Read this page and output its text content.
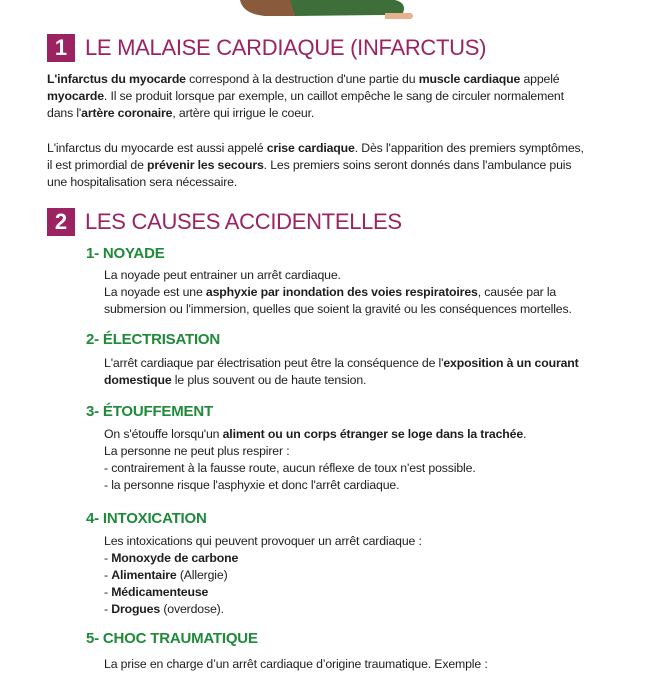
1 LE MALAISE CARDIAQUE (INFARCTUS)
L'infarctus du myocarde correspond à la destruction d'une partie du muscle cardiaque appelé
myocarde. Il se produit lorsque par exemple, un caillot empêche le sang de circuler normalement
dans l'artère coronaire, artère qui irrigue le coeur.
L'infarctus du myocarde est aussi appelé crise cardiaque. Dès l'apparition des premiers symptômes,
il est primordial de prévenir les secours. Les premiers soins seront donnés dans l'ambulance puis
une hospitalisation sera nécessaire.
2 LES CAUSES ACCIDENTELLES
1- NOYADE
La noyade peut entrainer un arrêt cardiaque.
La noyade est une asphyxie par inondation des voies respiratoires, causée par la
submersion ou l'immersion, quelles que soient la gravité ou les conséquences mortelles.
2- ÉLECTRISATION
L'arrêt cardiaque par électrisation peut être la conséquence de l'exposition à un courant
domestique le plus souvent ou de haute tension.
3- ÉTOUFFEMENT
On s'étouffe lorsqu'un aliment ou un corps étranger se loge dans la trachée.
La personne ne peut plus respirer :
- contrairement à la fausse route, aucun réflexe de toux n'est possible.
- la personne risque l'asphyxie et donc l'arrêt cardiaque.
4- INTOXICATION
Les intoxications qui peuvent provoquer un arrêt cardiaque :
- Monoxyde de carbone
- Alimentaire (Allergie)
- Médicamenteuse
- Drogues (overdose).
5- CHOC TRAUMATIQUE
La prise en charge d’un arrêt cardiaque d’origine traumatique. Exemple :
